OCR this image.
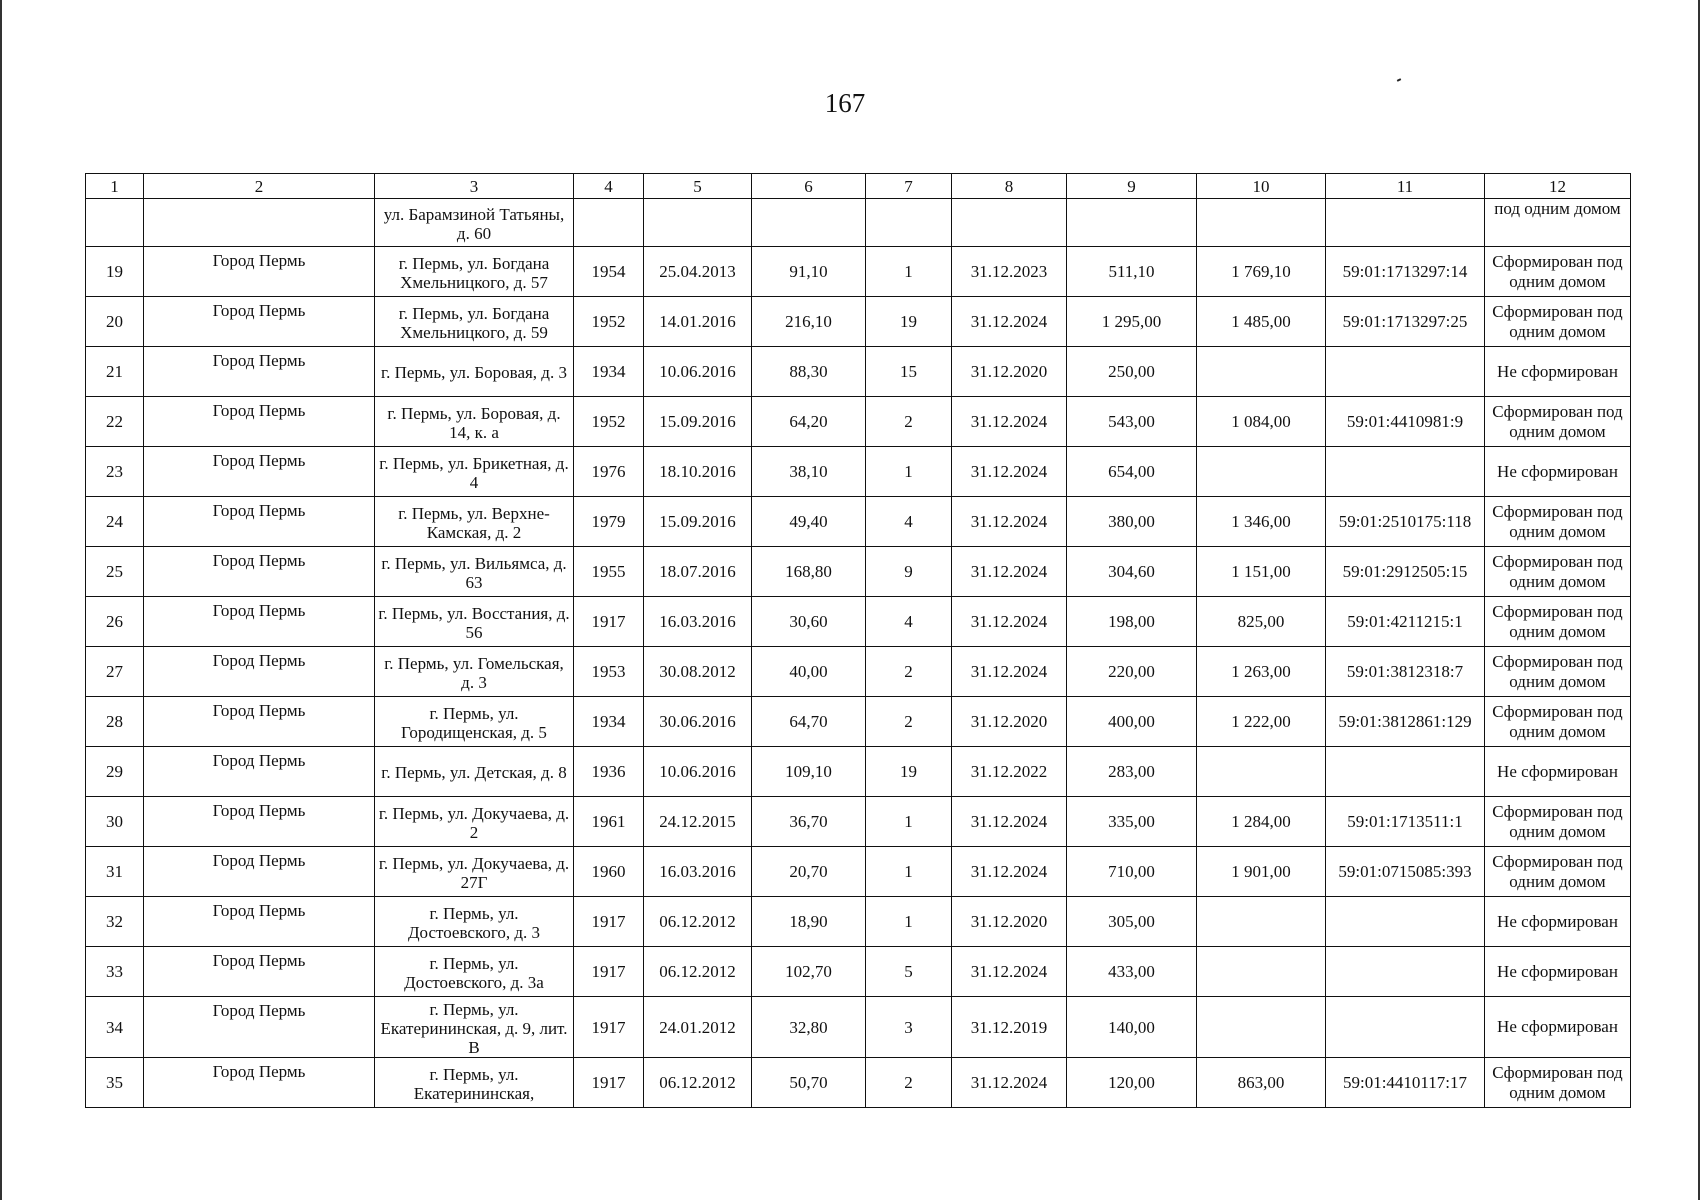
167
1	2	3	4	5	6	7	8	9	10	11	12
		ул. Барамзиной Татьяны, д. 60									под одним домом
19	Город Пермь	г. Пермь, ул. Богдана Хмельницкого, д. 57	1954	25.04.2013	91,10	1	31.12.2023	511,10	1 769,10	59:01:1713297:14	Сформирован под одним домом
20	Город Пермь	г. Пермь, ул. Богдана Хмельницкого, д. 59	1952	14.01.2016	216,10	19	31.12.2024	1 295,00	1 485,00	59:01:1713297:25	Сформирован под одним домом
21	Город Пермь	г. Пермь, ул. Боровая, д. 3	1934	10.06.2016	88,30	15	31.12.2020	250,00			Не сформирован
22	Город Пермь	г. Пермь, ул. Боровая, д. 14, к. а	1952	15.09.2016	64,20	2	31.12.2024	543,00	1 084,00	59:01:4410981:9	Сформирован под одним домом
23	Город Пермь	г. Пермь, ул. Брикетная, д. 4	1976	18.10.2016	38,10	1	31.12.2024	654,00			Не сформирован
24	Город Пермь	г. Пермь, ул. Верхне-Камская, д. 2	1979	15.09.2016	49,40	4	31.12.2024	380,00	1 346,00	59:01:2510175:118	Сформирован под одним домом
25	Город Пермь	г. Пермь, ул. Вильямса, д. 63	1955	18.07.2016	168,80	9	31.12.2024	304,60	1 151,00	59:01:2912505:15	Сформирован под одним домом
26	Город Пермь	г. Пермь, ул. Восстания, д. 56	1917	16.03.2016	30,60	4	31.12.2024	198,00	825,00	59:01:4211215:1	Сформирован под одним домом
27	Город Пермь	г. Пермь, ул. Гомельская, д. 3	1953	30.08.2012	40,00	2	31.12.2024	220,00	1 263,00	59:01:3812318:7	Сформирован под одним домом
28	Город Пермь	г. Пермь, ул. Городищенская, д. 5	1934	30.06.2016	64,70	2	31.12.2020	400,00	1 222,00	59:01:3812861:129	Сформирован под одним домом
29	Город Пермь	г. Пермь, ул. Детская, д. 8	1936	10.06.2016	109,10	19	31.12.2022	283,00			Не сформирован
30	Город Пермь	г. Пермь, ул. Докучаева, д. 2	1961	24.12.2015	36,70	1	31.12.2024	335,00	1 284,00	59:01:1713511:1	Сформирован под одним домом
31	Город Пермь	г. Пермь, ул. Докучаева, д. 27Г	1960	16.03.2016	20,70	1	31.12.2024	710,00	1 901,00	59:01:0715085:393	Сформирован под одним домом
32	Город Пермь	г. Пермь, ул. Достоевского, д. 3	1917	06.12.2012	18,90	1	31.12.2020	305,00			Не сформирован
33	Город Пермь	г. Пермь, ул. Достоевского, д. 3а	1917	06.12.2012	102,70	5	31.12.2024	433,00			Не сформирован
34	Город Пермь	г. Пермь, ул. Екатерининская, д. 9, лит. В	1917	24.01.2012	32,80	3	31.12.2019	140,00			Не сформирован
35	Город Пермь	г. Пермь, ул. Екатерининская,	1917	06.12.2012	50,70	2	31.12.2024	120,00	863,00	59:01:4410117:17	Сформирован под одним домом
